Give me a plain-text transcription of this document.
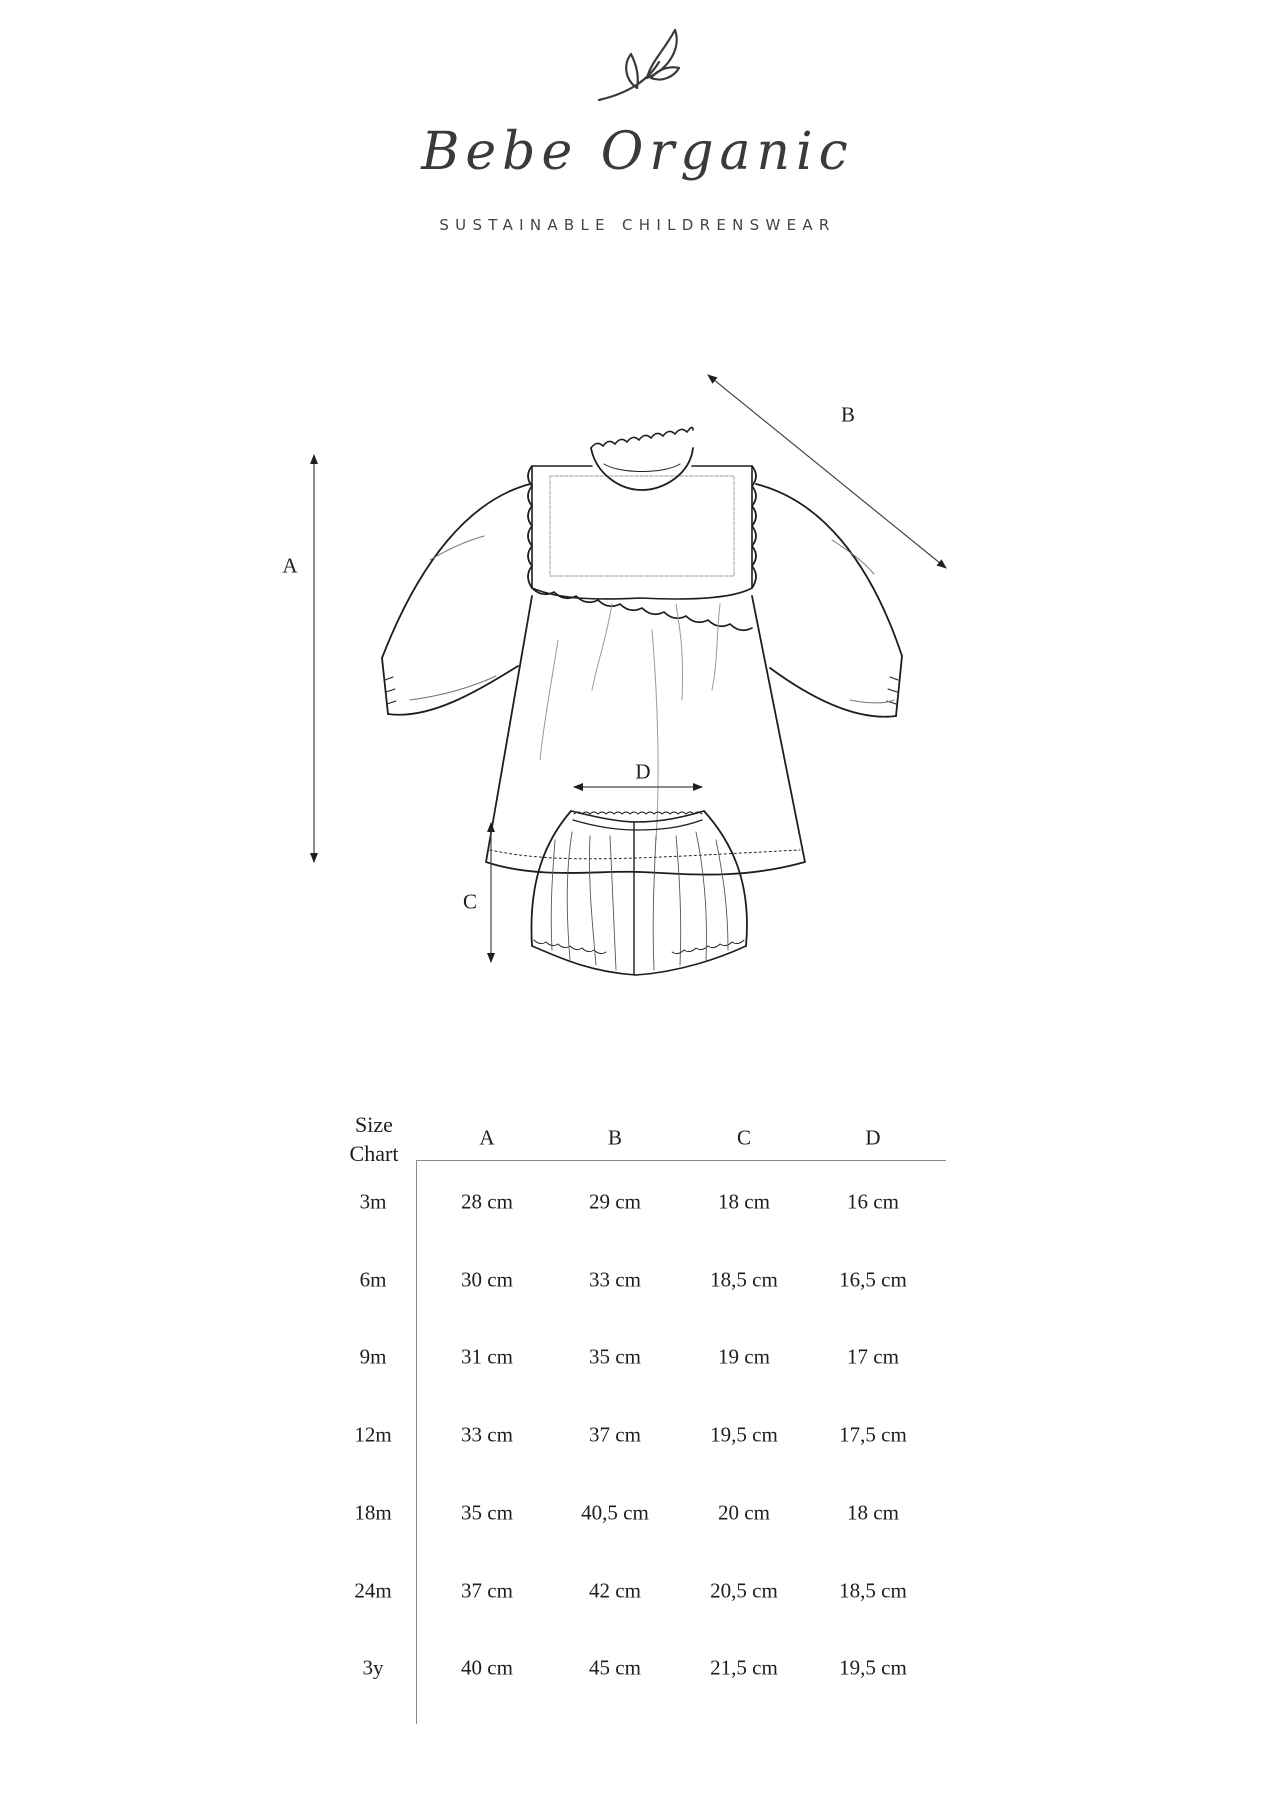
Bebe Organic
SUSTAINABLE CHILDRENSWEAR
A
B
C
D
Size
Chart
A	B	C	D
3m	28 cm	29 cm	18 cm	16 cm
6m	30 cm	33 cm	18,5 cm	16,5 cm
9m	31 cm	35 cm	19 cm	17 cm
12m	33 cm	37 cm	19,5 cm	17,5 cm
18m	35 cm	40,5 cm	20 cm	18 cm
24m	37 cm	42 cm	20,5 cm	18,5 cm
3y	40 cm	45 cm	21,5 cm	19,5 cm
